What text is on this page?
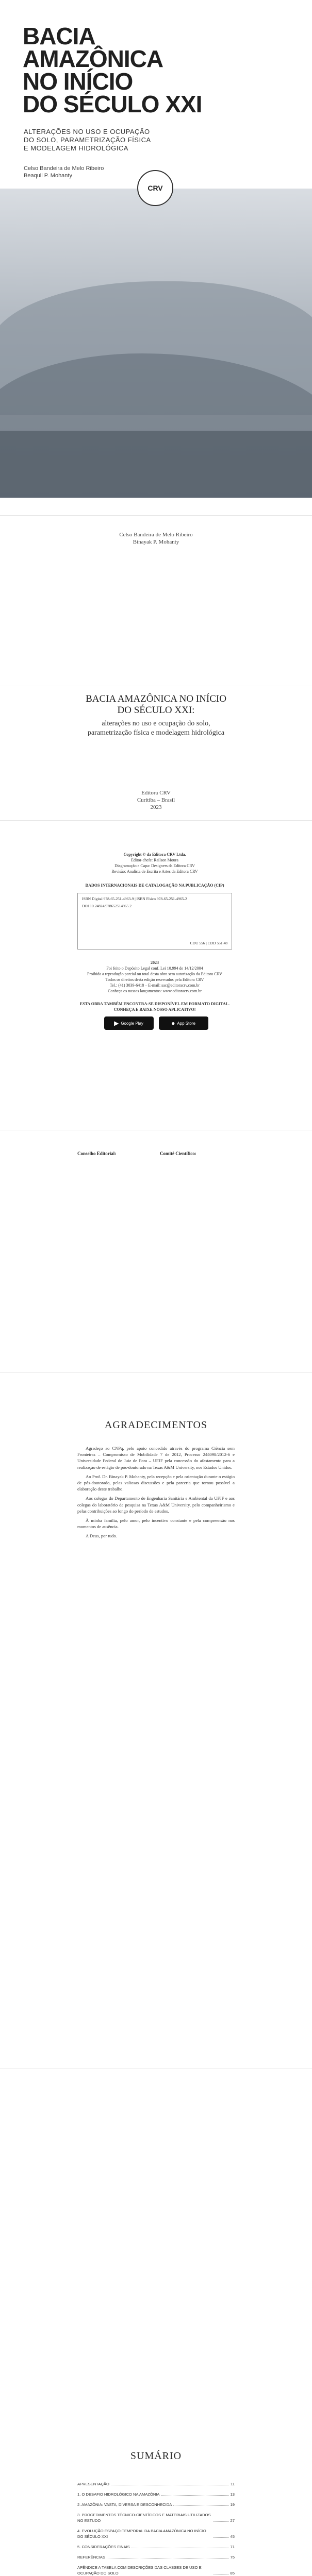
BACIA
AMAZÔNICA
NO INÍCIO
DO SÉCULO XXI
ALTERAÇÕES NO USO E OCUPAÇÃO
DO SOLO, PARAMETRIZAÇÃO FÍSICA
E MODELAGEM HIDROLÓGICA
Celso Bandeira de Melo Ribeiro
Beaquil P. Mohanty
CRV
Celso Bandeira de Melo Ribeiro
Binayak P. Mohanty
BACIA AMAZÔNICA NO INÍCIO
DO SÉCULO XXI:
alterações no uso e ocupação do solo,
parametrização física e modelagem hidrológica
Editora CRV
Curitiba – Brasil
2023
Copyright © da Editora CRV Ltda.
Editor-chefe: Railson Moura
Diagramação e Capa: Designers da Editora CRV
Revisão: Analista de Escrita e Artes da Editora CRV
DADOS INTERNACIONAIS DE CATALOGAÇÃO NA PUBLICAÇÃO (CIP)
ISBN Digital 978-65-251-4963-9 | ISBN Físico 978-65-251-4965-2
DOI 10.24824/978652514965.2
CDU 556 | CDD 551.48
2023
Foi feito o Depósito Legal conf. Lei 10.994 de 14/12/2004
Proibida a reprodução parcial ou total desta obra sem autorização da Editora CRV
Todos os direitos desta edição reservados pela Editora CRV
Tel.: (41) 3039-6418 – E-mail: sac@editoracrv.com.br
Conheça os nossos lançamentos: www.editoracrv.com.br
ESTA OBRA TAMBÉM ENCONTRA-SE DISPONÍVEL EM FORMATO DIGITAL. CONHEÇA E BAIXE NOSSO APLICATIVO!
▶ Google Play	● App Store
Conselho Editorial:	Comitê Científico:
AGRADECIMENTOS

Agradeço ao CNPq, pelo apoio concedido através do programa Ciência sem Fronteiras – Compromisso de Mobilidade 7 de 2012, Processo 244098/2012-6 e Universidade Federal de Juiz de Fora – UFJF pela concessão do afastamento para a realização de estágio de pós-doutorado na Texas A&M University, nos Estados Unidos.

Ao Prof. Dr. Binayak P. Mohanty, pela recepção e pela orientação durante o estágio de pós-doutorado, pelas valiosas discussões e pela parceria que tornou possível a elaboração deste trabalho.

Aos colegas do Departamento de Engenharia Sanitária e Ambiental da UFJF e aos colegas do laboratório de pesquisa na Texas A&M University, pelo companheirismo e pelas contribuições ao longo do período de estudos.

À minha família, pelo amor, pelo incentivo constante e pela compreensão nos momentos de ausência.

A Deus, por tudo.

SUMÁRIO
APRESENTAÇÃO	11
1. O DESAFIO HIDROLÓGICO NA AMAZÔNIA	13
2. AMAZÔNIA: VASTA, DIVERSA E DESCONHECIDA	19
3. PROCEDIMENTOS TÉCNICO-CIENTÍFICOS E MATERIAIS UTILIZADOS NO ESTUDO	27
4. EVOLUÇÃO ESPAÇO-TEMPORAL DA BACIA AMAZÔNICA NO INÍCIO DO SÉCULO XXI	45
5. CONSIDERAÇÕES FINAIS	71
REFERÊNCIAS	75
APÊNDICE A TABELA COM DESCRIÇÕES DAS CLASSES DE USO E OCUPAÇÃO DO SOLO	85
